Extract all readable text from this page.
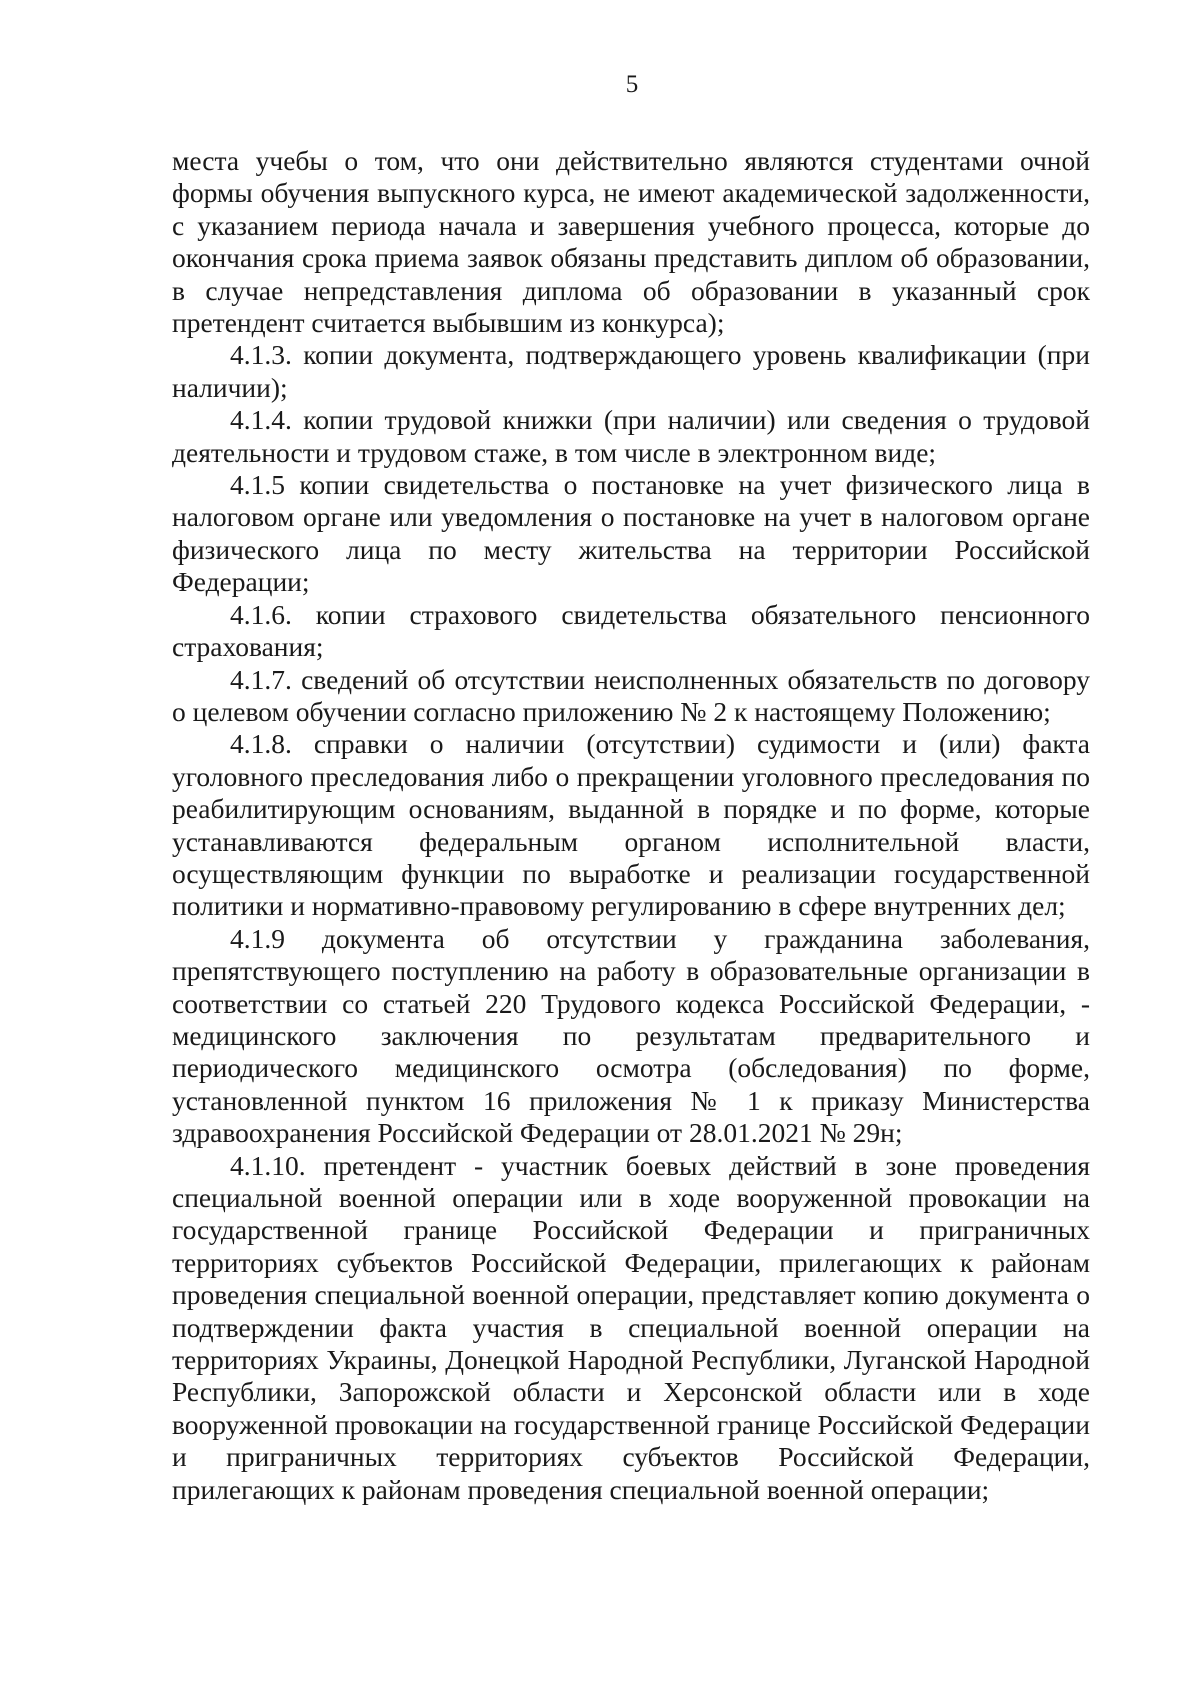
5

места учебы о том, что они действительно являются студентами очной формы обучения выпускного курса, не имеют академической задолженности, с указанием периода начала и завершения учебного процесса, которые до окончания срока приема заявок обязаны представить диплом об образовании, в случае непредставления диплома об образовании в указанный срок претендент считается выбывшим из конкурса);

4.1.3. копии документа, подтверждающего уровень квалификации (при наличии);

4.1.4. копии трудовой книжки (при наличии) или сведения о трудовой деятельности и трудовом стаже, в том числе в электронном виде;

4.1.5 копии свидетельства о постановке на учет физического лица в налоговом органе или уведомления о постановке на учет в налоговом органе физического лица по месту жительства на территории Российской Федерации;

4.1.6. копии страхового свидетельства обязательного пенсионного страхования;

4.1.7. сведений об отсутствии неисполненных обязательств по договору о целевом обучении согласно приложению № 2 к настоящему Положению;

4.1.8. справки о наличии (отсутствии) судимости и (или) факта уголовного преследования либо о прекращении уголовного преследования по реабилитирующим основаниям, выданной в порядке и по форме, которые устанавливаются федеральным органом исполнительной власти, осуществляющим функции по выработке и реализации государственной политики и нормативно-правовому регулированию в сфере внутренних дел;

4.1.9 документа об отсутствии у гражданина заболевания, препятствующего поступлению на работу в образовательные организации в соответствии со статьей 220 Трудового кодекса Российской Федерации, - медицинского заключения по результатам предварительного и периодического медицинского осмотра (обследования) по форме, установленной пунктом 16 приложения № 1 к приказу Министерства здравоохранения Российской Федерации от 28.01.2021 № 29н;

4.1.10. претендент - участник боевых действий в зоне проведения специальной военной операции или в ходе вооруженной провокации на государственной границе Российской Федерации и приграничных территориях субъектов Российской Федерации, прилегающих к районам проведения специальной военной операции, представляет копию документа о подтверждении факта участия в специальной военной операции на территориях Украины, Донецкой Народной Республики, Луганской Народной Республики, Запорожской области и Херсонской области или в ходе вооруженной провокации на государственной границе Российской Федерации и приграничных территориях субъектов Российской Федерации, прилегающих к районам проведения специальной военной операции;
